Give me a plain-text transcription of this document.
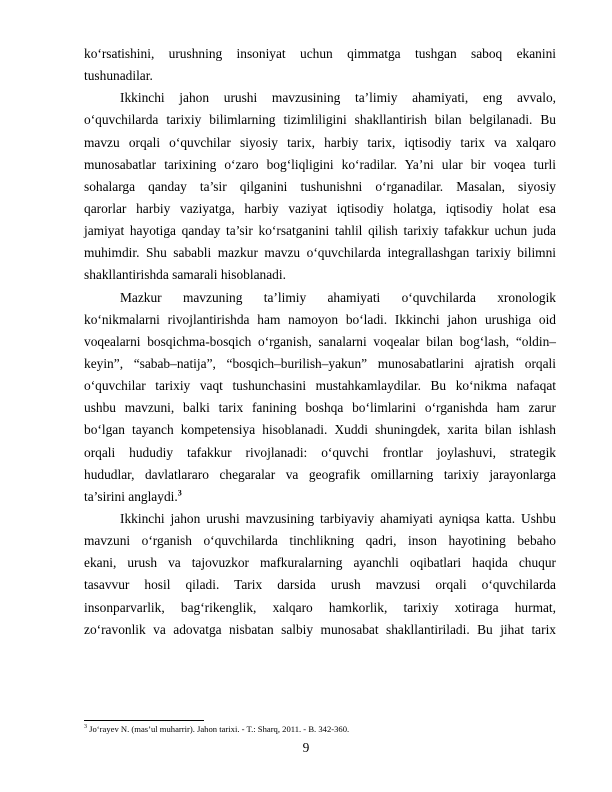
ko‘rsatishini, urushning insoniyat uchun qimmatga tushgan saboq ekanini
tushunadilar.
Ikkinchi jahon urushi mavzusining ta’limiy ahamiyati, eng avvalo,
o‘quvchilarda tarixiy bilimlarning tizimliligini shakllantirish bilan belgilanadi. Bu
mavzu orqali o‘quvchilar siyosiy tarix, harbiy tarix, iqtisodiy tarix va xalqaro
munosabatlar tarixining o‘zaro bog‘liqligini ko‘radilar. Ya’ni ular bir voqea turli
sohalarga qanday ta’sir qilganini tushunishni o‘rganadilar. Masalan, siyosiy
qarorlar harbiy vaziyatga, harbiy vaziyat iqtisodiy holatga, iqtisodiy holat esa
jamiyat hayotiga qanday ta’sir ko‘rsatganini tahlil qilish tarixiy tafakkur uchun juda
muhimdir. Shu sababli mazkur mavzu o‘quvchilarda integrallashgan tarixiy bilimni
shakllantirishda samarali hisoblanadi.
Mazkur mavzuning ta’limiy ahamiyati o‘quvchilarda xronologik
ko‘nikmalarni rivojlantirishda ham namoyon bo‘ladi. Ikkinchi jahon urushiga oid
voqealarni bosqichma-bosqich o‘rganish, sanalarni voqealar bilan bog‘lash, “oldin–
keyin”, “sabab–natija”, “bosqich–burilish–yakun” munosabatlarini ajratish orqali
o‘quvchilar tarixiy vaqt tushunchasini mustahkamlaydilar. Bu ko‘nikma nafaqat
ushbu mavzuni, balki tarix fanining boshqa bo‘limlarini o‘rganishda ham zarur
bo‘lgan tayanch kompetensiya hisoblanadi. Xuddi shuningdek, xarita bilan ishlash
orqali hududiy tafakkur rivojlanadi: o‘quvchi frontlar joylashuvi, strategik
hududlar, davlatlararo chegaralar va geografik omillarning tarixiy jarayonlarga
ta’sirini anglaydi.$^3$
Ikkinchi jahon urushi mavzusining tarbiyaviy ahamiyati ayniqsa katta. Ushbu
mavzuni o‘rganish o‘quvchilarda tinchlikning qadri, inson hayotining bebaho
ekani, urush va tajovuzkor mafkuralarning ayanchli oqibatlari haqida chuqur
tasavvur hosil qiladi. Tarix darsida urush mavzusi orqali o‘quvchilarda
insonparvarlik, bag‘rikenglik, xalqaro hamkorlik, tarixiy xotiraga hurmat,
zo‘ravonlik va adovatga nisbatan salbiy munosabat shakllantiriladi. Bu jihat tarix
$^3$ Jo‘rayev N. (mas’ul muharrir). Jahon tarixi. - T.: Sharq, 2011. - B. 342-360.
9
